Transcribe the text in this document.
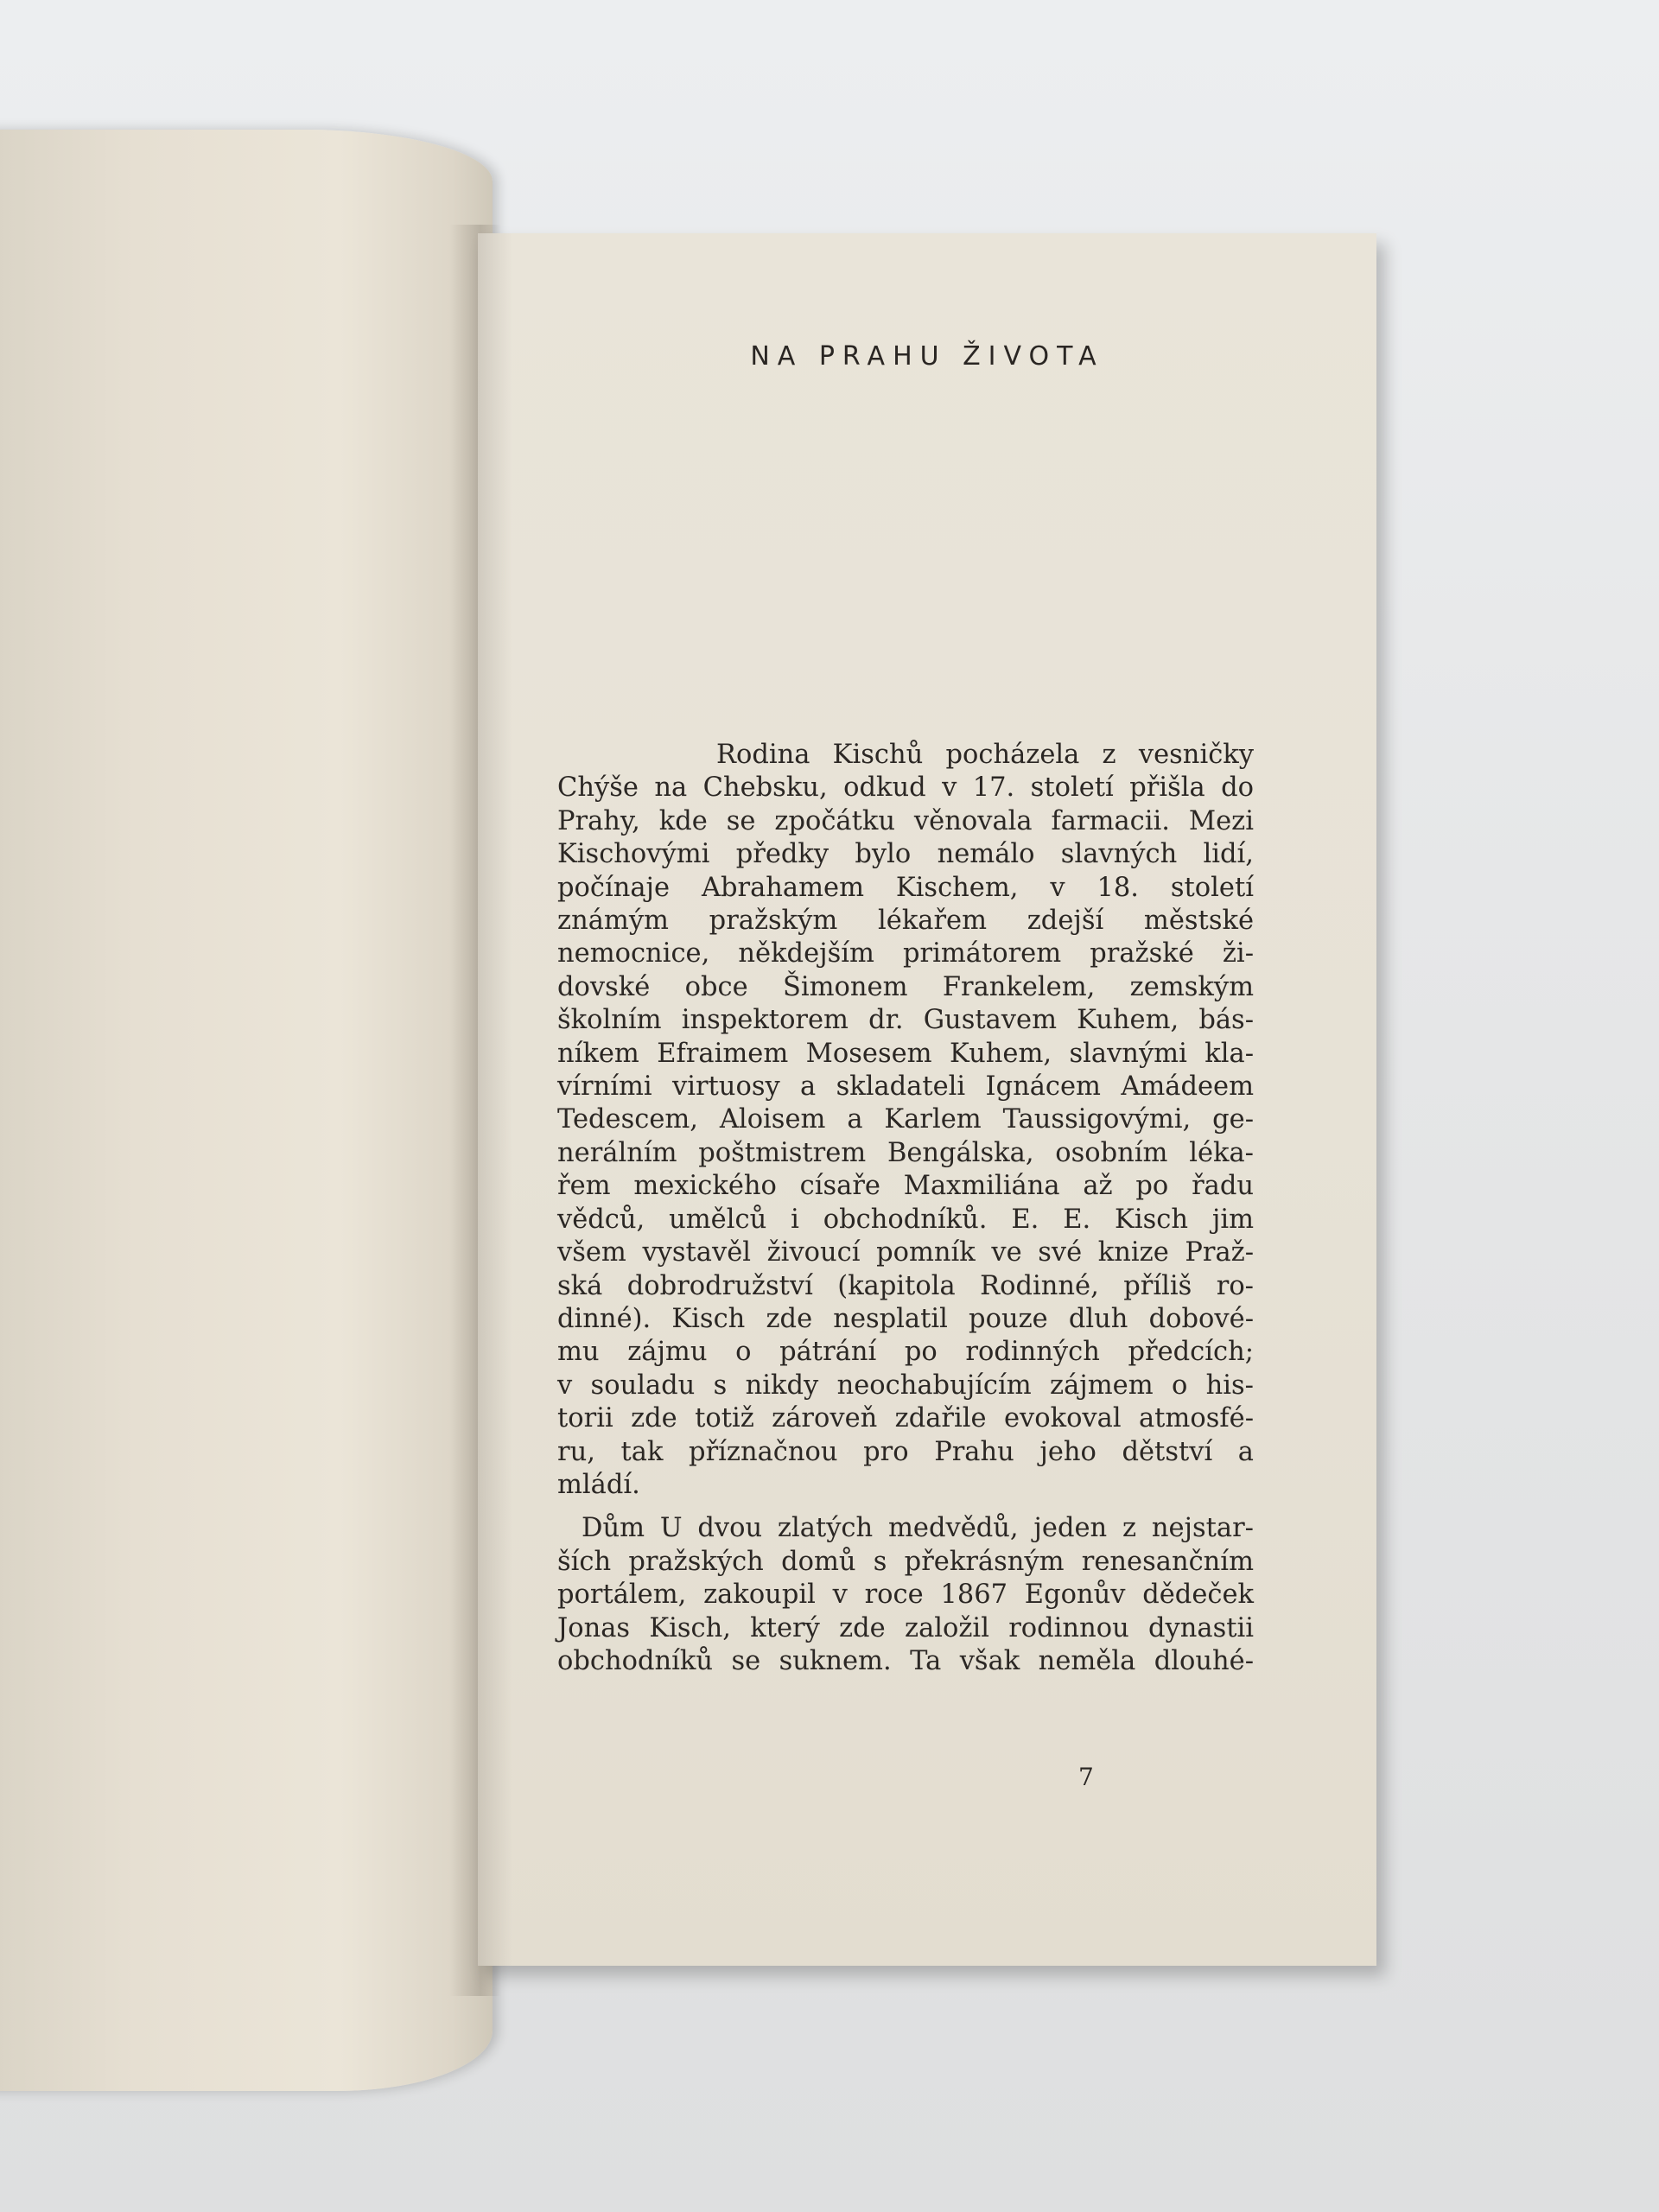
NA PRAHU ŽIVOTA
Rodina Kischů pocházela z vesničky
Chýše na Chebsku, odkud v 17. století přišla do
Prahy, kde se zpočátku věnovala farmacii. Mezi
Kischovými předky bylo nemálo slavných lidí,
počínaje Abrahamem Kischem, v 18. století
známým pražským lékařem zdejší městské
nemocnice, někdejším primátorem pražské ži-
dovské obce Šimonem Frankelem, zemským
školním inspektorem dr. Gustavem Kuhem, bás-
níkem Efraimem Mosesem Kuhem, slavnými kla-
vírními virtuosy a skladateli Ignácem Amádeem
Tedescem, Aloisem a Karlem Taussigovými, ge-
nerálním poštmistrem Bengálska, osobním léka-
řem mexického císaře Maxmiliána až po řadu
vědců, umělců i obchodníků. E. E. Kisch jim
všem vystavěl živoucí pomník ve své knize Praž-
ská dobrodružství (kapitola Rodinné, příliš ro-
dinné). Kisch zde nesplatil pouze dluh dobové-
mu zájmu o pátrání po rodinných předcích;
v souladu s nikdy neochabujícím zájmem o his-
torii zde totiž zároveň zdařile evokoval atmosfé-
ru, tak příznačnou pro Prahu jeho dětství a
mládí.
Dům U dvou zlatých medvědů, jeden z nejstar-
ších pražských domů s překrásným renesančním
portálem, zakoupil v roce 1867 Egonův dědeček
Jonas Kisch, který zde založil rodinnou dynastii
obchodníků se suknem. Ta však neměla dlouhé-
7
